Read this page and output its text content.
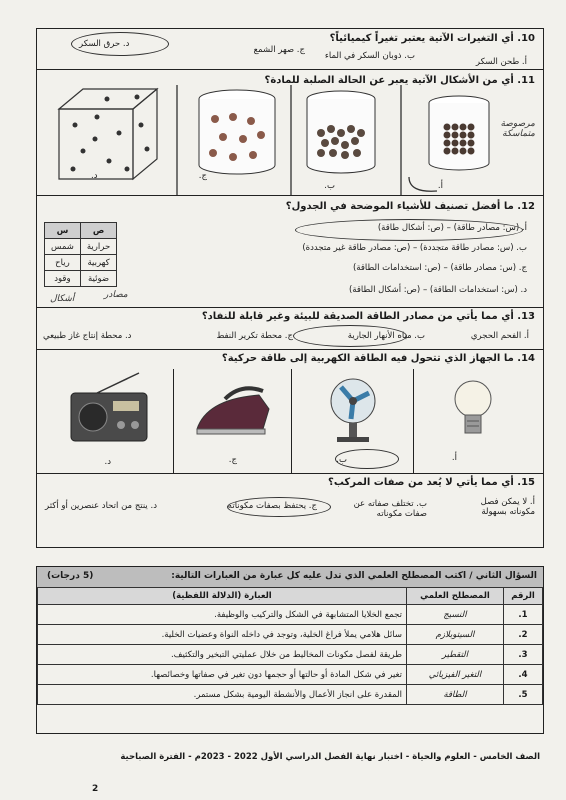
10. أي التغيرات الآتية يعتبر تغيراً كيميائياً؟
أ. طحن السكر
ب. ذوبان السكر في الماء
ج. صهر الشمع
د. حرق السكر
11. أي من الأشكال الآتية يعبر عن الحالة الصلبة للمادة؟
أ.
ب.
ج.
د.
مرصوصة متماسكة
12. ما أفضل تصنيف للأشياء الموضحة في الجدول؟
أ. (س: مصادر طاقة) – (ص: أشكال طاقة)
ب. (س: مصادر طاقة متجددة) – (ص: مصادر طاقة غير متجددة)
ج. (س: مصادر طاقة) – (ص: استخدامات الطاقة)
د. (س: استخدامات الطاقة) – (ص: أشكال الطاقة)
13. أي مما يأتي من مصادر الطاقة الصديقة للبيئة وغير قابلة للنفاد؟
أ. الفحم الحجري
ب. مياه الأنهار الجارية
ج. محطة تكرير النفط
د. محطة إنتاج غاز طبيعي
14. ما الجهاز الذي تتحول فيه الطاقة الكهربية إلى طاقة حركية؟
أ.
ب.
ج.
د.
15. أي مما يأتي لا يُعد من صفات المركب؟
أ. لا يمكن فصل مكوناته بسهولة
ب. تختلف صفاته عن صفات مكوناته
ج. يحتفظ بصفات مكوناته
د. ينتج من اتحاد عنصرين أو أكثر
ص	س
حرارية	شمس
كهربية	رياح
ضوئية	وقود
مصادر
أشكال
السؤال الثاني / اكتب المصطلح العلمي الذي تدل عليه كل عبارة من العبارات التالية:
(5 درجات)
الرقم	المصطلح العلمي	العبارة (الدلالة اللفظية)
1.	النسيج	تجمع الخلايا المتشابهة في الشكل والتركيب والوظيفة.
2.	السيتوبلازم	سائل هلامي يملأ فراغ الخلية، وتوجد في داخله النواة وعضيات الخلية.
3.	التقطير	طريقة لفصل مكونات المخاليط من خلال عمليتي التبخير والتكثيف.
4.	التغير الفيزيائي	تغير في شكل المادة أو حالتها أو حجمها دون تغير في صفاتها وخصائصها.
5.	الطاقة	المقدرة على انجاز الأعمال والأنشطة اليومية بشكل مستمر.
الصف الخامس - العلوم والحياة - اختبار نهاية الفصل الدراسي الأول 2022 - 2023م - الفترة الصباحية
2
